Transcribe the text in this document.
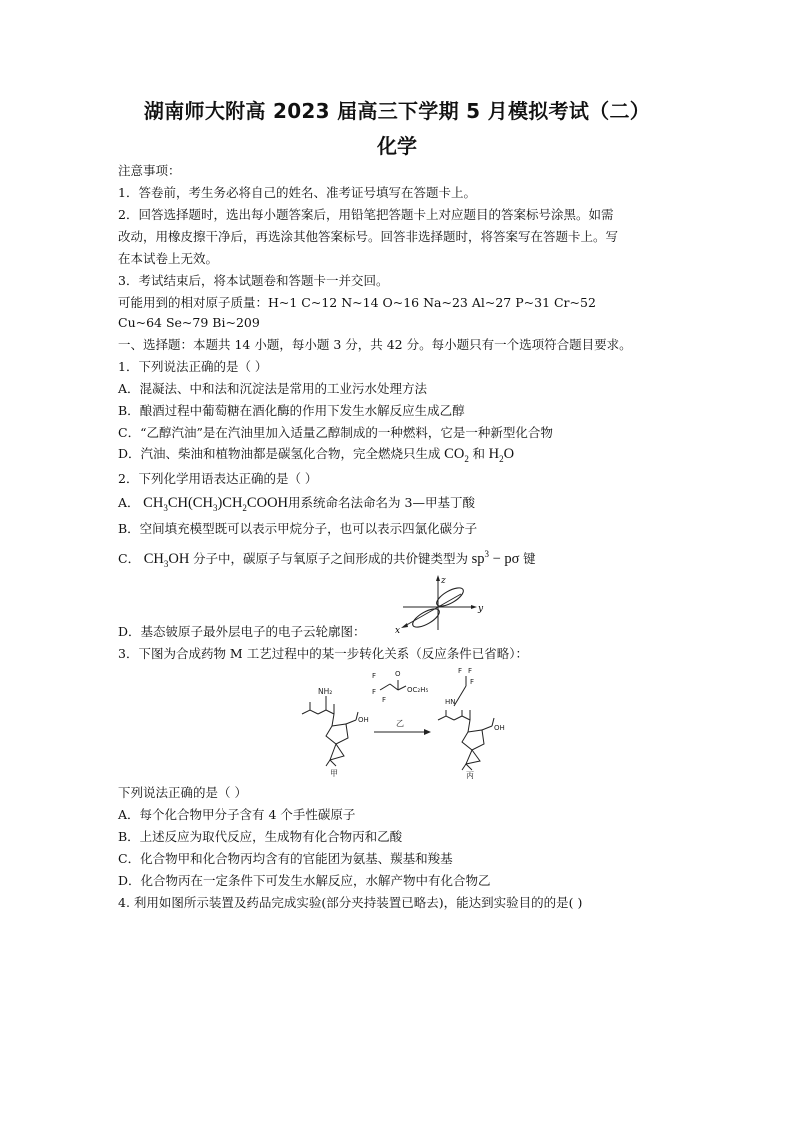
湖南师大附高 2023 届高三下学期 5 月模拟考试（二）
化学
注意事项：
1．答卷前，考生务必将自己的姓名、准考证号填写在答题卡上。
2．回答选择题时，选出每小题答案后，用铅笔把答题卡上对应题目的答案标号涂黑。如需
改动，用橡皮擦干净后，再选涂其他答案标号。回答非选择题时，将答案写在答题卡上。写
在本试卷上无效。
3．考试结束后，将本试题卷和答题卡一并交回。
可能用到的相对原子质量：H~1 C~12 N~14 O~16 Na~23 Al~27 P~31 Cr~52
Cu~64 Se~79 Bi~209
一、选择题：本题共 14 小题，每小题 3 分，共 42 分。每小题只有一个选项符合题目要求。
1．下列说法正确的是（ ）
A．混凝法、中和法和沉淀法是常用的工业污水处理方法
B．酿酒过程中葡萄糖在酒化酶的作用下发生水解反应生成乙醇
C．“乙醇汽油”是在汽油里加入适量乙醇制成的一种燃料，它是一种新型化合物
D．汽油、柴油和植物油都是碳氢化合物，完全燃烧只生成 $CO_2$ 和 $H_2O$
2．下列化学用语表达正确的是（ ）
A． $CH_3CH(CH_3)CH_2COOH$用系统命名法命名为 3—甲基丁酸
B．空间填充模型既可以表示甲烷分子，也可以表示四氯化碳分子
C． $CH_3OH$ 分子中，碳原子与氧原子之间形成的共价键类型为 $sp^3 - p\sigma$ 键
z
y
x
D．基态铍原子最外层电子的电子云轮廓图：
3．下图为合成药物 M 工艺过程中的某一步转化关系（反应条件已省略）：
NH₂
OH
甲
F
F
F
O
OC₂H₅
乙
F F
F
HN
OH
丙
下列说法正确的是（ ）
A．每个化合物甲分子含有 4 个手性碳原子
B．上述反应为取代反应，生成物有化合物丙和乙酸
C．化合物甲和化合物丙均含有的官能团为氨基、羰基和羧基
D．化合物丙在一定条件下可发生水解反应，水解产物中有化合物乙
4. 利用如图所示装置及药品完成实验(部分夹持装置已略去)，能达到实验目的的是( )
